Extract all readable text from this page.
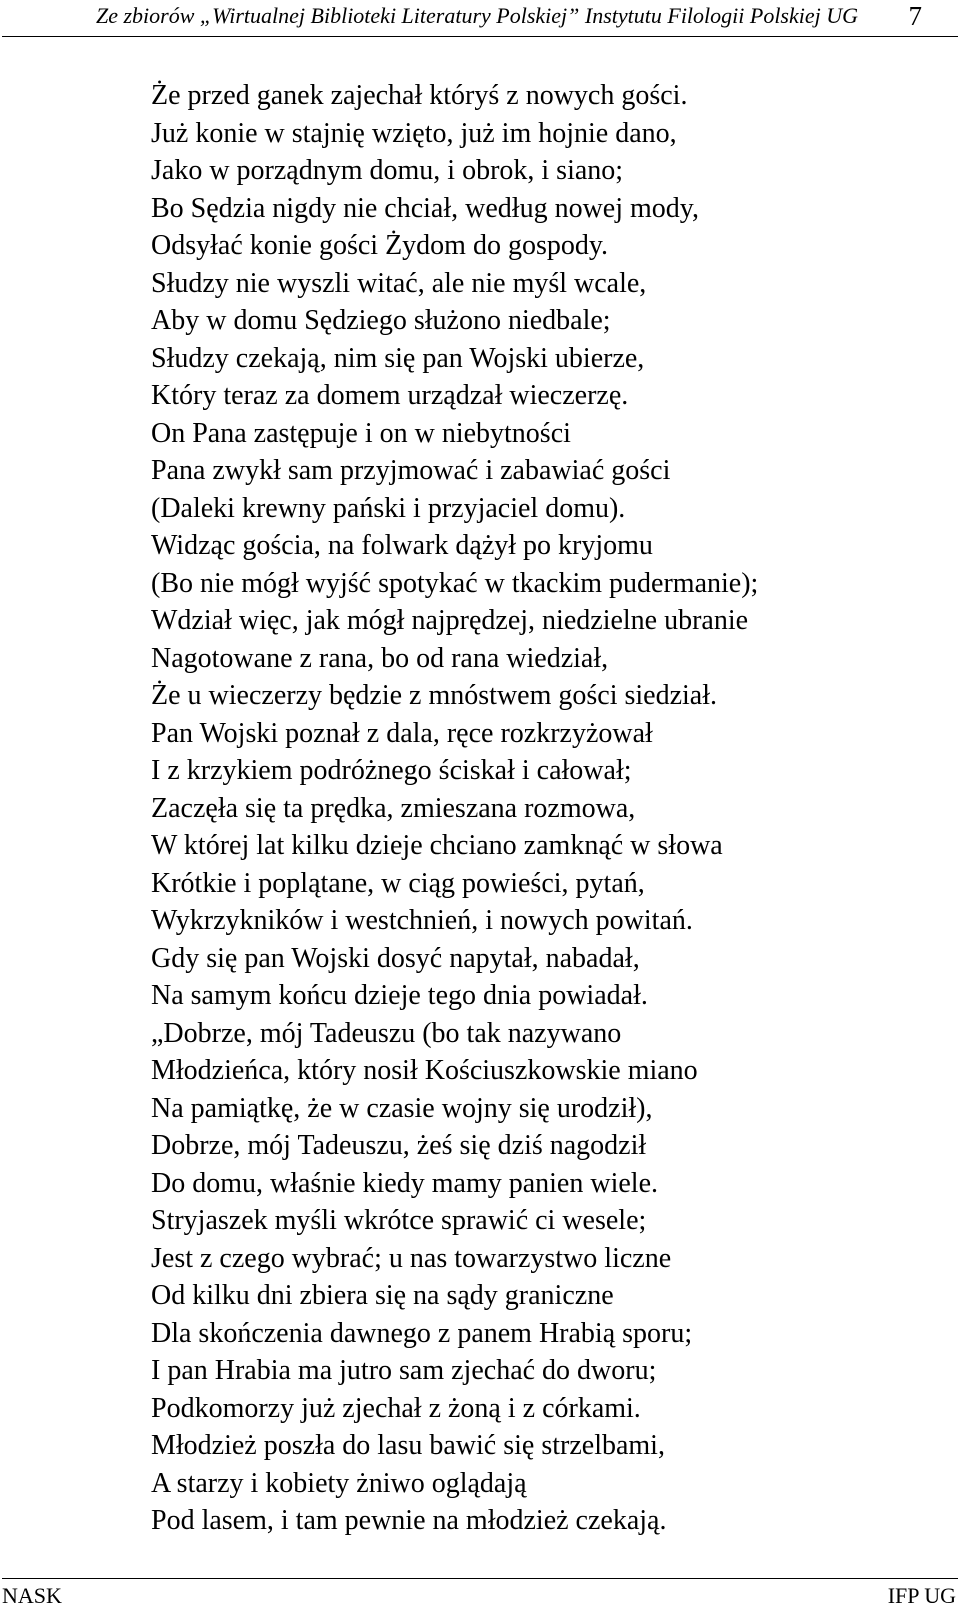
Ze zbiorów „Wirtualnej Biblioteki Literatury Polskiej” Instytutu Filologii Polskiej UG 7
Że przed ganek zajechał któryś z nowych gości.
Już konie w stajnię wzięto, już im hojnie dano,
Jako w porządnym domu, i obrok, i siano;
Bo Sędzia nigdy nie chciał, według nowej mody,
Odsyłać konie gości Żydom do gospody.
Słudzy nie wyszli witać, ale nie myśl wcale,
Aby w domu Sędziego służono niedbale;
Słudzy czekają, nim się pan Wojski ubierze,
Który teraz za domem urządzał wieczerzę.
On Pana zastępuje i on w niebytności
Pana zwykł sam przyjmować i zabawiać gości
(Daleki krewny pański i przyjaciel domu).
Widząc gościa, na folwark dążył po kryjomu
(Bo nie mógł wyjść spotykać w tkackim pudermanie);
Wdział więc, jak mógł najprędzej, niedzielne ubranie
Nagotowane z rana, bo od rana wiedział,
Że u wieczerzy będzie z mnóstwem gości siedział.
Pan Wojski poznał z dala, ręce rozkrzyżował
I z krzykiem podróżnego ściskał i całował;
Zaczęła się ta prędka, zmieszana rozmowa,
W której lat kilku dzieje chciano zamknąć w słowa
Krótkie i poplątane, w ciąg powieści, pytań,
Wykrzykników i westchnień, i nowych powitań.
Gdy się pan Wojski dosyć napytał, nabadał,
Na samym końcu dzieje tego dnia powiadał.
„Dobrze, mój Tadeuszu (bo tak nazywano
Młodzieńca, który nosił Kościuszkowskie miano
Na pamiątkę, że w czasie wojny się urodził),
Dobrze, mój Tadeuszu, żeś się dziś nagodził
Do domu, właśnie kiedy mamy panien wiele.
Stryjaszek myśli wkrótce sprawić ci wesele;
Jest z czego wybrać; u nas towarzystwo liczne
Od kilku dni zbiera się na sądy graniczne
Dla skończenia dawnego z panem Hrabią sporu;
I pan Hrabia ma jutro sam zjechać do dworu;
Podkomorzy już zjechał z żoną i z córkami.
Młodzież poszła do lasu bawić się strzelbami,
A starzy i kobiety żniwo oglądają
Pod lasem, i tam pewnie na młodzież czekają.
NASK	IFP UG
